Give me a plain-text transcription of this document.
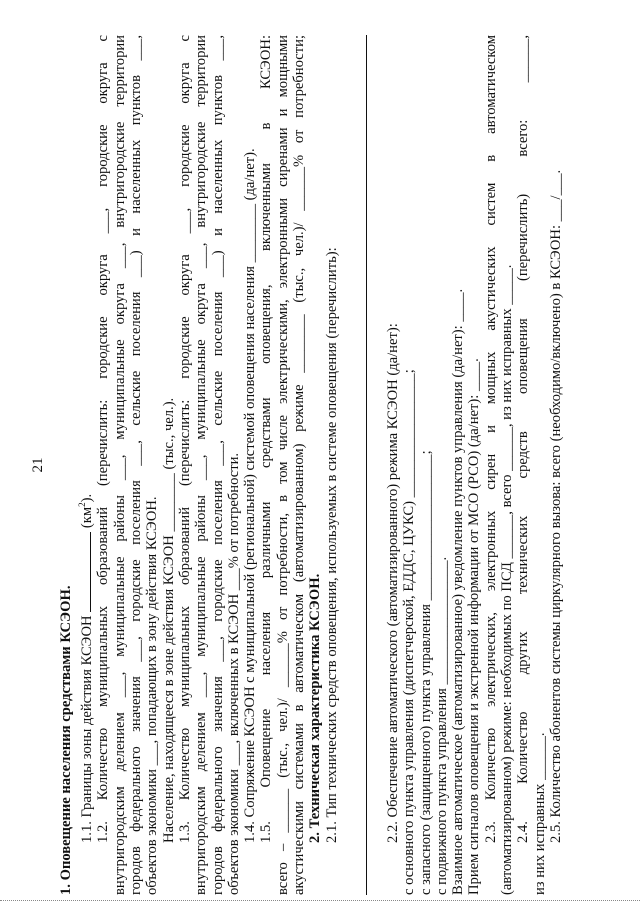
21

1. Оповещение населения средствами КСЭОН. 1.1. Границы зоны действия КСЭОН  $(км^2)$. 1.2. Количество муниципальных образований (перечислить: городские округа ___, городские округа с внутригородским делением ___, муниципальные районы ___, муниципальные округа ___, внутригородские территории городов федерального значения ___, городские поселения ___, сельские поселения ___) и населенных пунктов ___, объектов экономики ___, попадающих в зону действия КСЭОН. Население, находящееся в зоне действия КСЭОН ________ (тыс., чел.). 1.3. Количество муниципальных образований (перечислить: городские округа ___, городские округа с внутригородским делением ___, муниципальные районы ___, муниципальные округа ___, внутригородские территории городов федерального значения ___, городские поселения ___, сельские поселения ___) и населенных пунктов ___, объектов экономики ___, включенных в КСЭОН ___% от потребности. 1.4. Сопряжение КСЭОН с муниципальной (региональной) системой оповещения населения ________ (да/нет). 1.5. Оповещение населения различными средствами оповещения, включенными в КСЭОН: всего – ______ (тыс., чел.)/ ______% от потребности, в том числе электрическими, электронными сиренами и мощными акустическими системами в автоматическом (автоматизированном) режиме ________ (тыс., чел.)/ ______% от потребности; 2. Техническая характеристика КСЭОН. 2.1. Тип технических средств оповещения, используемых в системе оповещения (перечислить):	2.2. Обеспечение автоматического (автоматизированного) режима КСЭОН (да/нет): с основного пункта управления (диспетчерской, ЕДДС, ЦУКС) _________________; с запасного (защищенного) пункта управления ____________________; с подвижного пункта управления _________________. Взаимное автоматическое (автоматизированное) уведомление пунктов управления (да/нет): ____. Прием сигналов оповещения и экстренной информации от МСО (РСО) (да/нет): ____. 2.3. Количество электрических, электронных сирен и мощных акустических систем в автоматическом (автоматизированном) режиме: необходимых по ПСД ______, всего ______, из них исправных _____. 2.4. Количество других технических средств оповещения (перечислить) всего: ______, из них исправных ______. 2.5. Количество абонентов системы циркулярного вызова: всего (необходимо/включено) в КСЭОН: ___/___.
